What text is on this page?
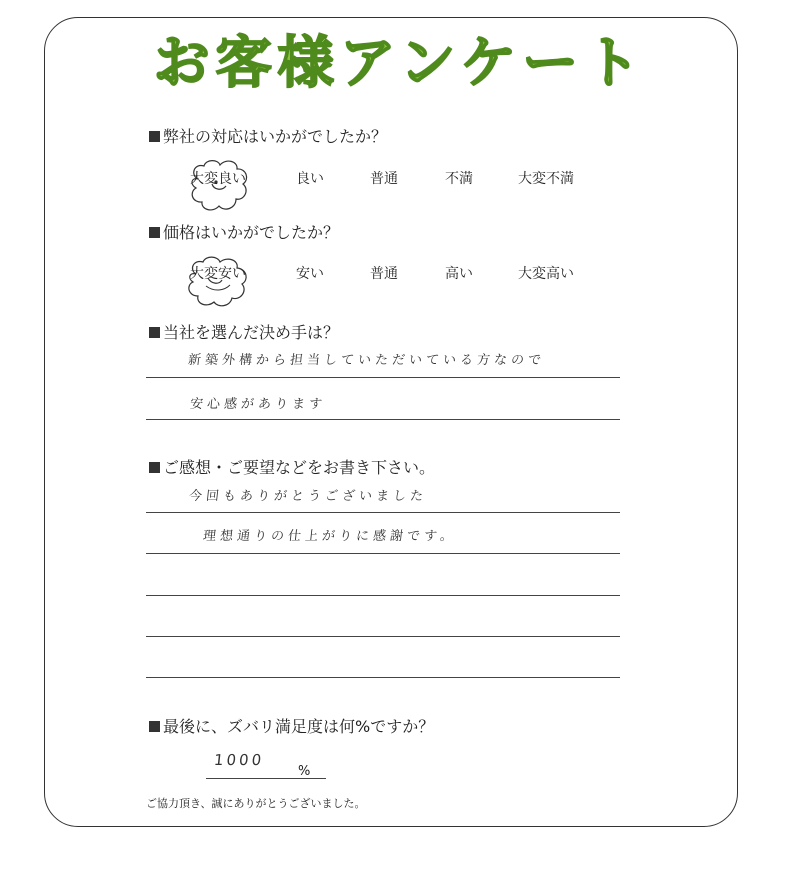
お客様アンケート
弊社の対応はいかがでしたか？
大変良い	良い	普通	不満	大変不満
価格はいかがでしたか？
大変安い	安い	普通	高い	大変高い
当社を選んだ決め手は？
新築外構から担当していただいている方なので
安心感があります
ご感想・ご要望などをお書き下さい。
今回もありがとうございました
理想通りの仕上がりに感謝です。
最後に、ズバリ満足度は何%ですか？
1000
%
ご協力頂き、誠にありがとうございました。
